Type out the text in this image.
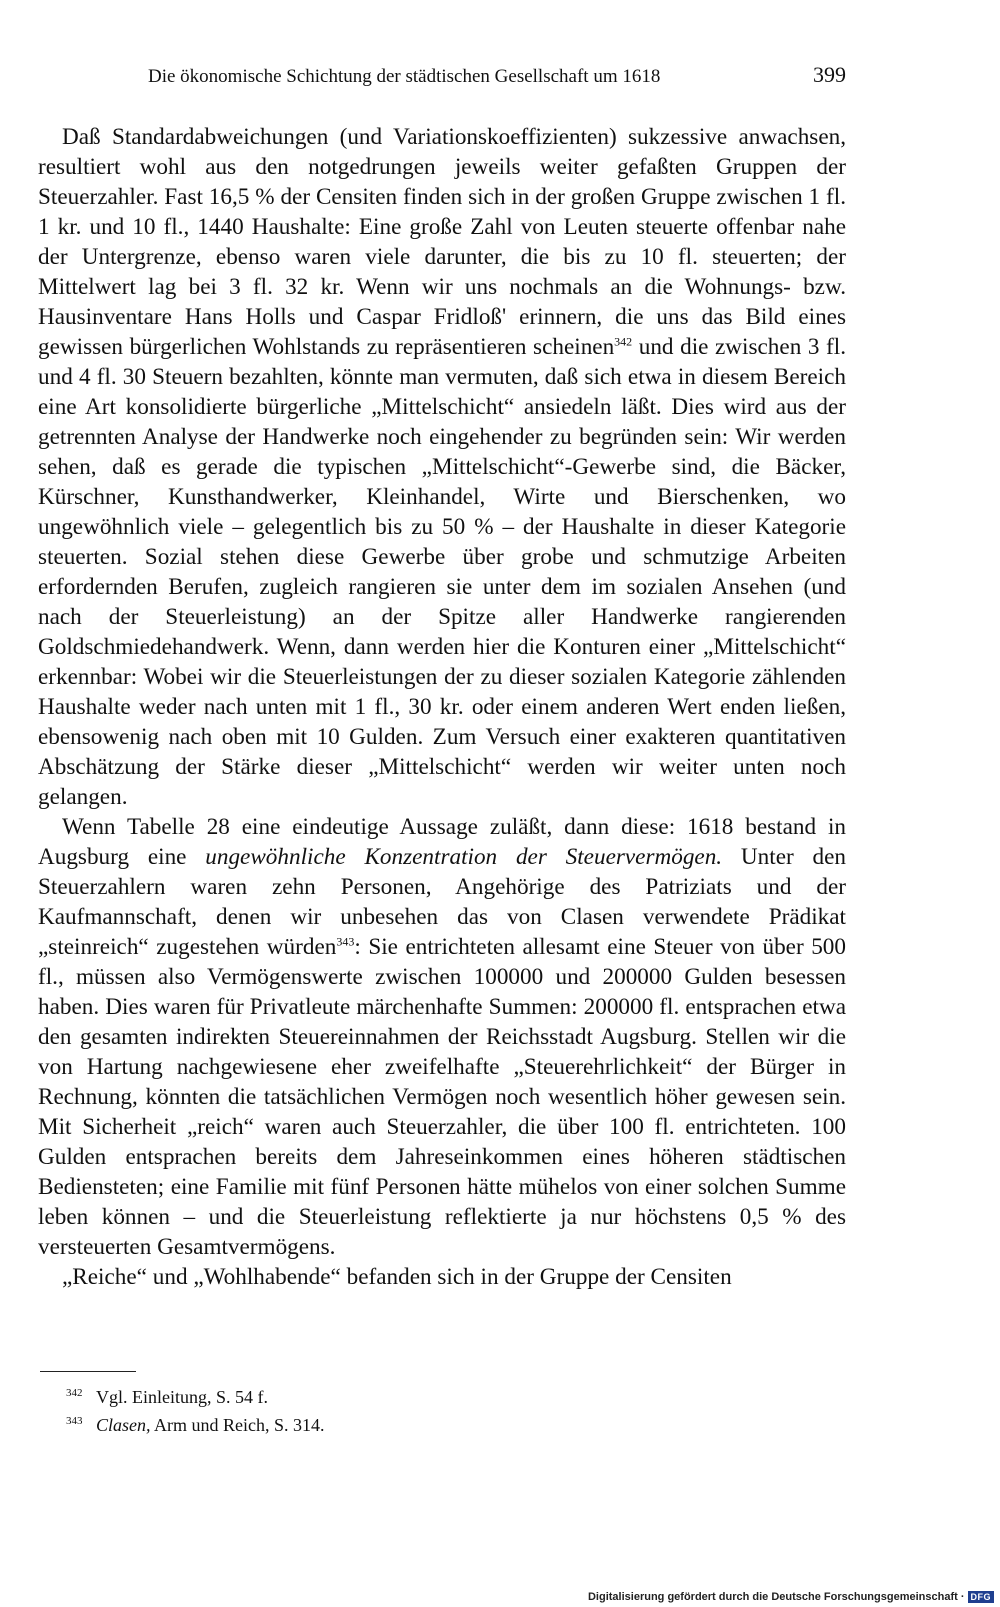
Die ökonomische Schichtung der städtischen Gesellschaft um 1618	399

Daß Standardabweichungen (und Variationskoeffizienten) sukzessive anwachsen, resultiert wohl aus den notgedrungen jeweils weiter gefaßten Gruppen der Steuerzahler. Fast 16,5 % der Censiten finden sich in der großen Gruppe zwischen 1 fl. 1 kr. und 10 fl., 1440 Haushalte: Eine große Zahl von Leuten steuerte offenbar nahe der Untergrenze, ebenso waren viele darunter, die bis zu 10 fl. steuerten; der Mittelwert lag bei 3 fl. 32 kr. Wenn wir uns nochmals an die Wohnungs- bzw. Hausinventare Hans Holls und Caspar Fridloß' erinnern, die uns das Bild eines gewissen bürgerlichen Wohlstands zu repräsentieren scheinen$^{342}$ und die zwischen 3 fl. und 4 fl. 30 Steuern bezahlten, könnte man vermuten, daß sich etwa in diesem Bereich eine Art konsolidierte bürgerliche „Mittelschicht“ ansiedeln läßt. Dies wird aus der getrennten Analyse der Handwerke noch eingehender zu begründen sein: Wir werden sehen, daß es gerade die typischen „Mittelschicht“-Gewerbe sind, die Bäcker, Kürschner, Kunsthandwerker, Kleinhandel, Wirte und Bierschenken, wo ungewöhnlich viele – gelegentlich bis zu 50 % – der Haushalte in dieser Kategorie steuerten. Sozial stehen diese Gewerbe über grobe und schmutzige Arbeiten erfordernden Berufen, zugleich rangieren sie unter dem im sozialen Ansehen (und nach der Steuerleistung) an der Spitze aller Handwerke rangierenden Goldschmiedehandwerk. Wenn, dann werden hier die Konturen einer „Mittelschicht“ erkennbar: Wobei wir die Steuerleistungen der zu dieser sozialen Kategorie zählenden Haushalte weder nach unten mit 1 fl., 30 kr. oder einem anderen Wert enden ließen, ebensowenig nach oben mit 10 Gulden. Zum Versuch einer exakteren quantitativen Abschätzung der Stärke dieser „Mittelschicht“ werden wir weiter unten noch gelangen.

Wenn Tabelle 28 eine eindeutige Aussage zuläßt, dann diese: 1618 bestand in Augsburg eine ungewöhnliche Konzentration der Steuervermögen. Unter den Steuerzahlern waren zehn Personen, Angehörige des Patriziats und der Kaufmannschaft, denen wir unbesehen das von Clasen verwendete Prädikat „steinreich“ zugestehen würden$^{343}$: Sie entrichteten allesamt eine Steuer von über 500 fl., müssen also Vermögenswerte zwischen 100000 und 200000 Gulden besessen haben. Dies waren für Privatleute märchenhafte Summen: 200000 fl. entsprachen etwa den gesamten indirekten Steuereinnahmen der Reichsstadt Augsburg. Stellen wir die von Hartung nachgewiesene eher zweifelhafte „Steuerehrlichkeit“ der Bürger in Rechnung, könnten die tatsächlichen Vermögen noch wesentlich höher gewesen sein. Mit Sicherheit „reich“ waren auch Steuerzahler, die über 100 fl. entrichteten. 100 Gulden entsprachen bereits dem Jahreseinkommen eines höheren städtischen Bediensteten; eine Familie mit fünf Personen hätte mühelos von einer solchen Summe leben können – und die Steuerleistung reflektierte ja nur höchstens 0,5 % des versteuerten Gesamtvermögens.

„Reiche“ und „Wohlhabende“ befanden sich in der Gruppe der Censiten

$^{342}$ Vgl. Einleitung, S. 54 f.

$^{343}$ Clasen, Arm und Reich, S. 314.

Digitalisierung gefördert durch die Deutsche Forschungsgemeinschaft · DFG
